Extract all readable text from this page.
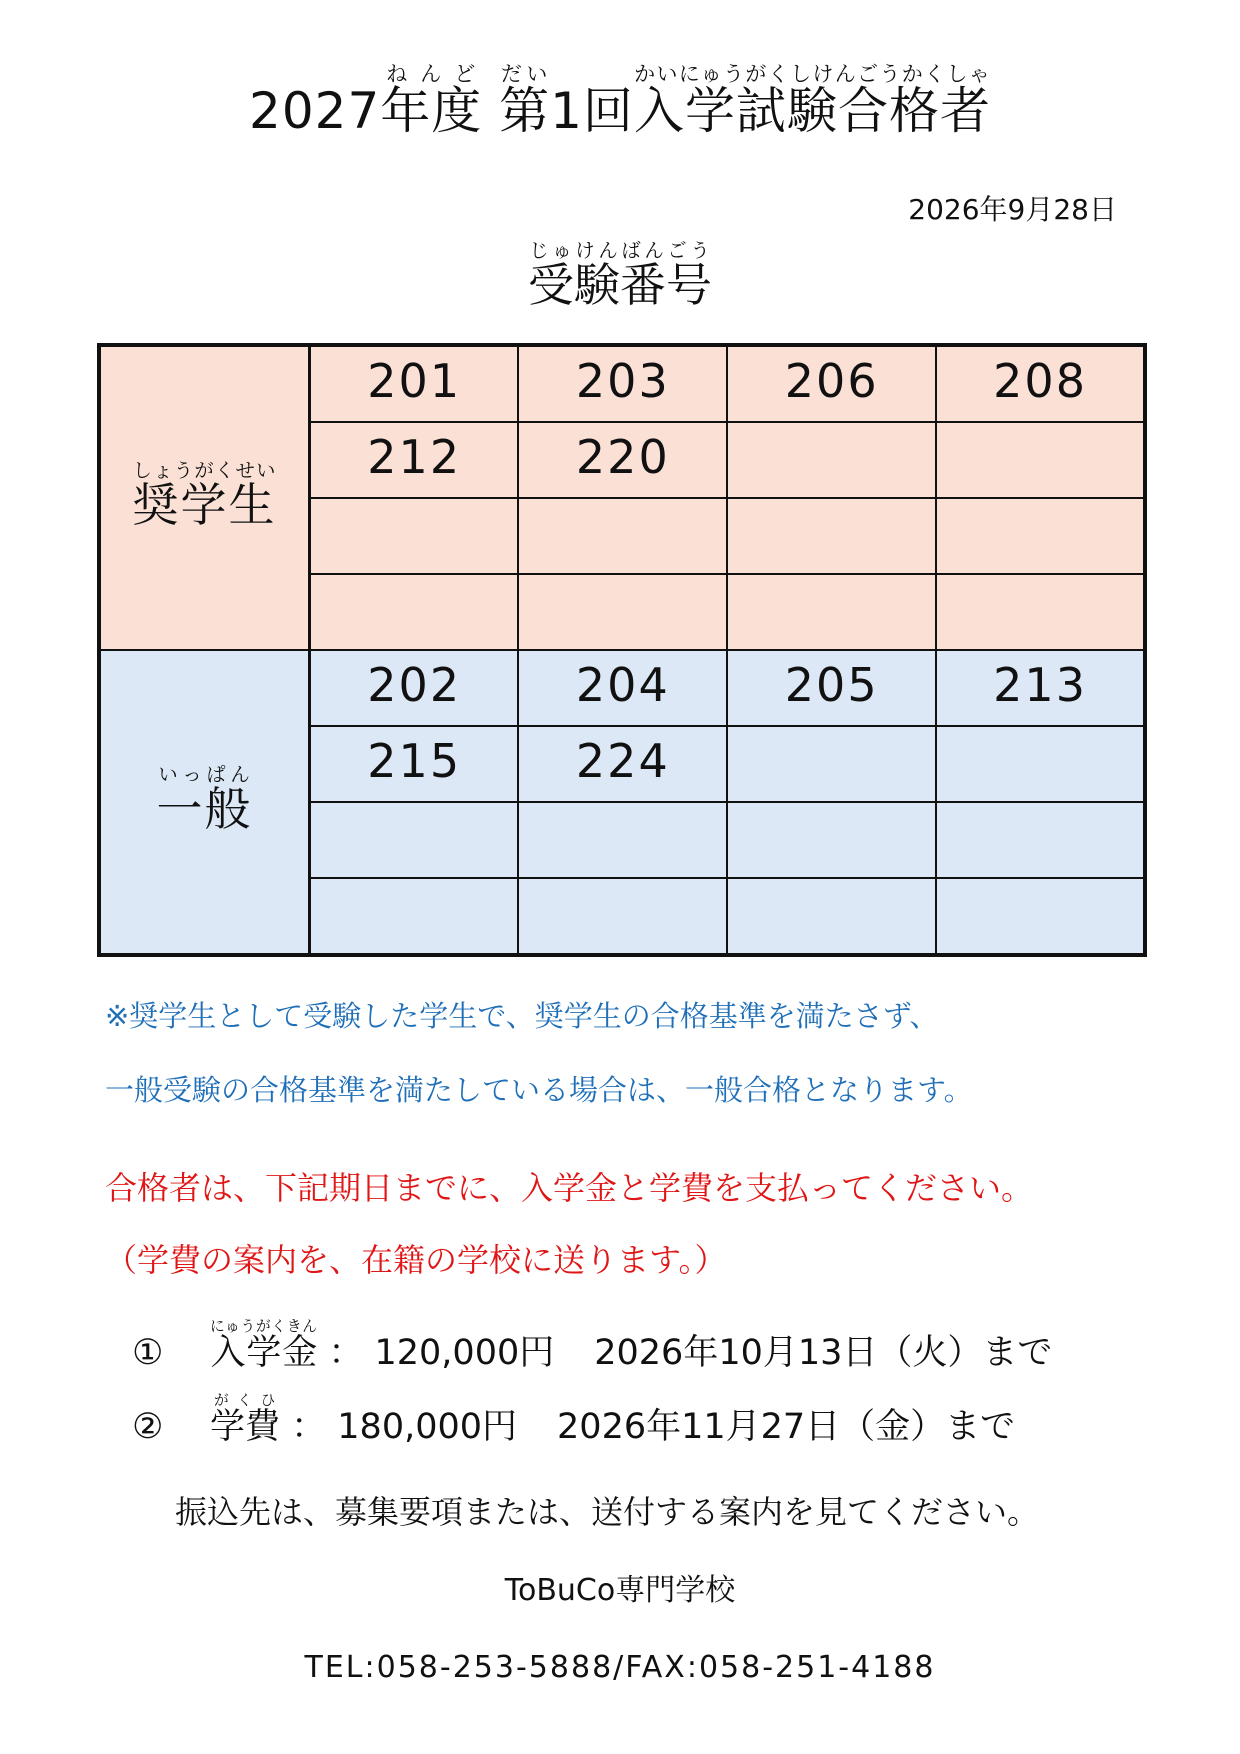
2027年度ねんど 第だい1回入学試験合格者かいにゅうがくしけんごうかくしゃ
2026年9月28日
受験番号じゅけんばんごう
奨学生しょうがくせい	201	203	206	208
	212	220		

一般いっぱん	202	204	205	213
	215	224		

※奨学生として受験した学生で、奨学生の合格基準を満たさず、
一般受験の合格基準を満たしている場合は、一般合格となります。
合格者は、下記期日までに、入学金と学費を支払ってください。
（学費の案内を、在籍の学校に送ります。）
① 入学金にゅうがくきん ： 120,000円 2026年10月13日（火）まで
② 学費がくひ ： 180,000円 2026年11月27日（金）まで
振込先は、募集要項または、送付する案内を見てください。
ToBuCo専門学校
TEL:058-253-5888/FAX:058-251-4188
